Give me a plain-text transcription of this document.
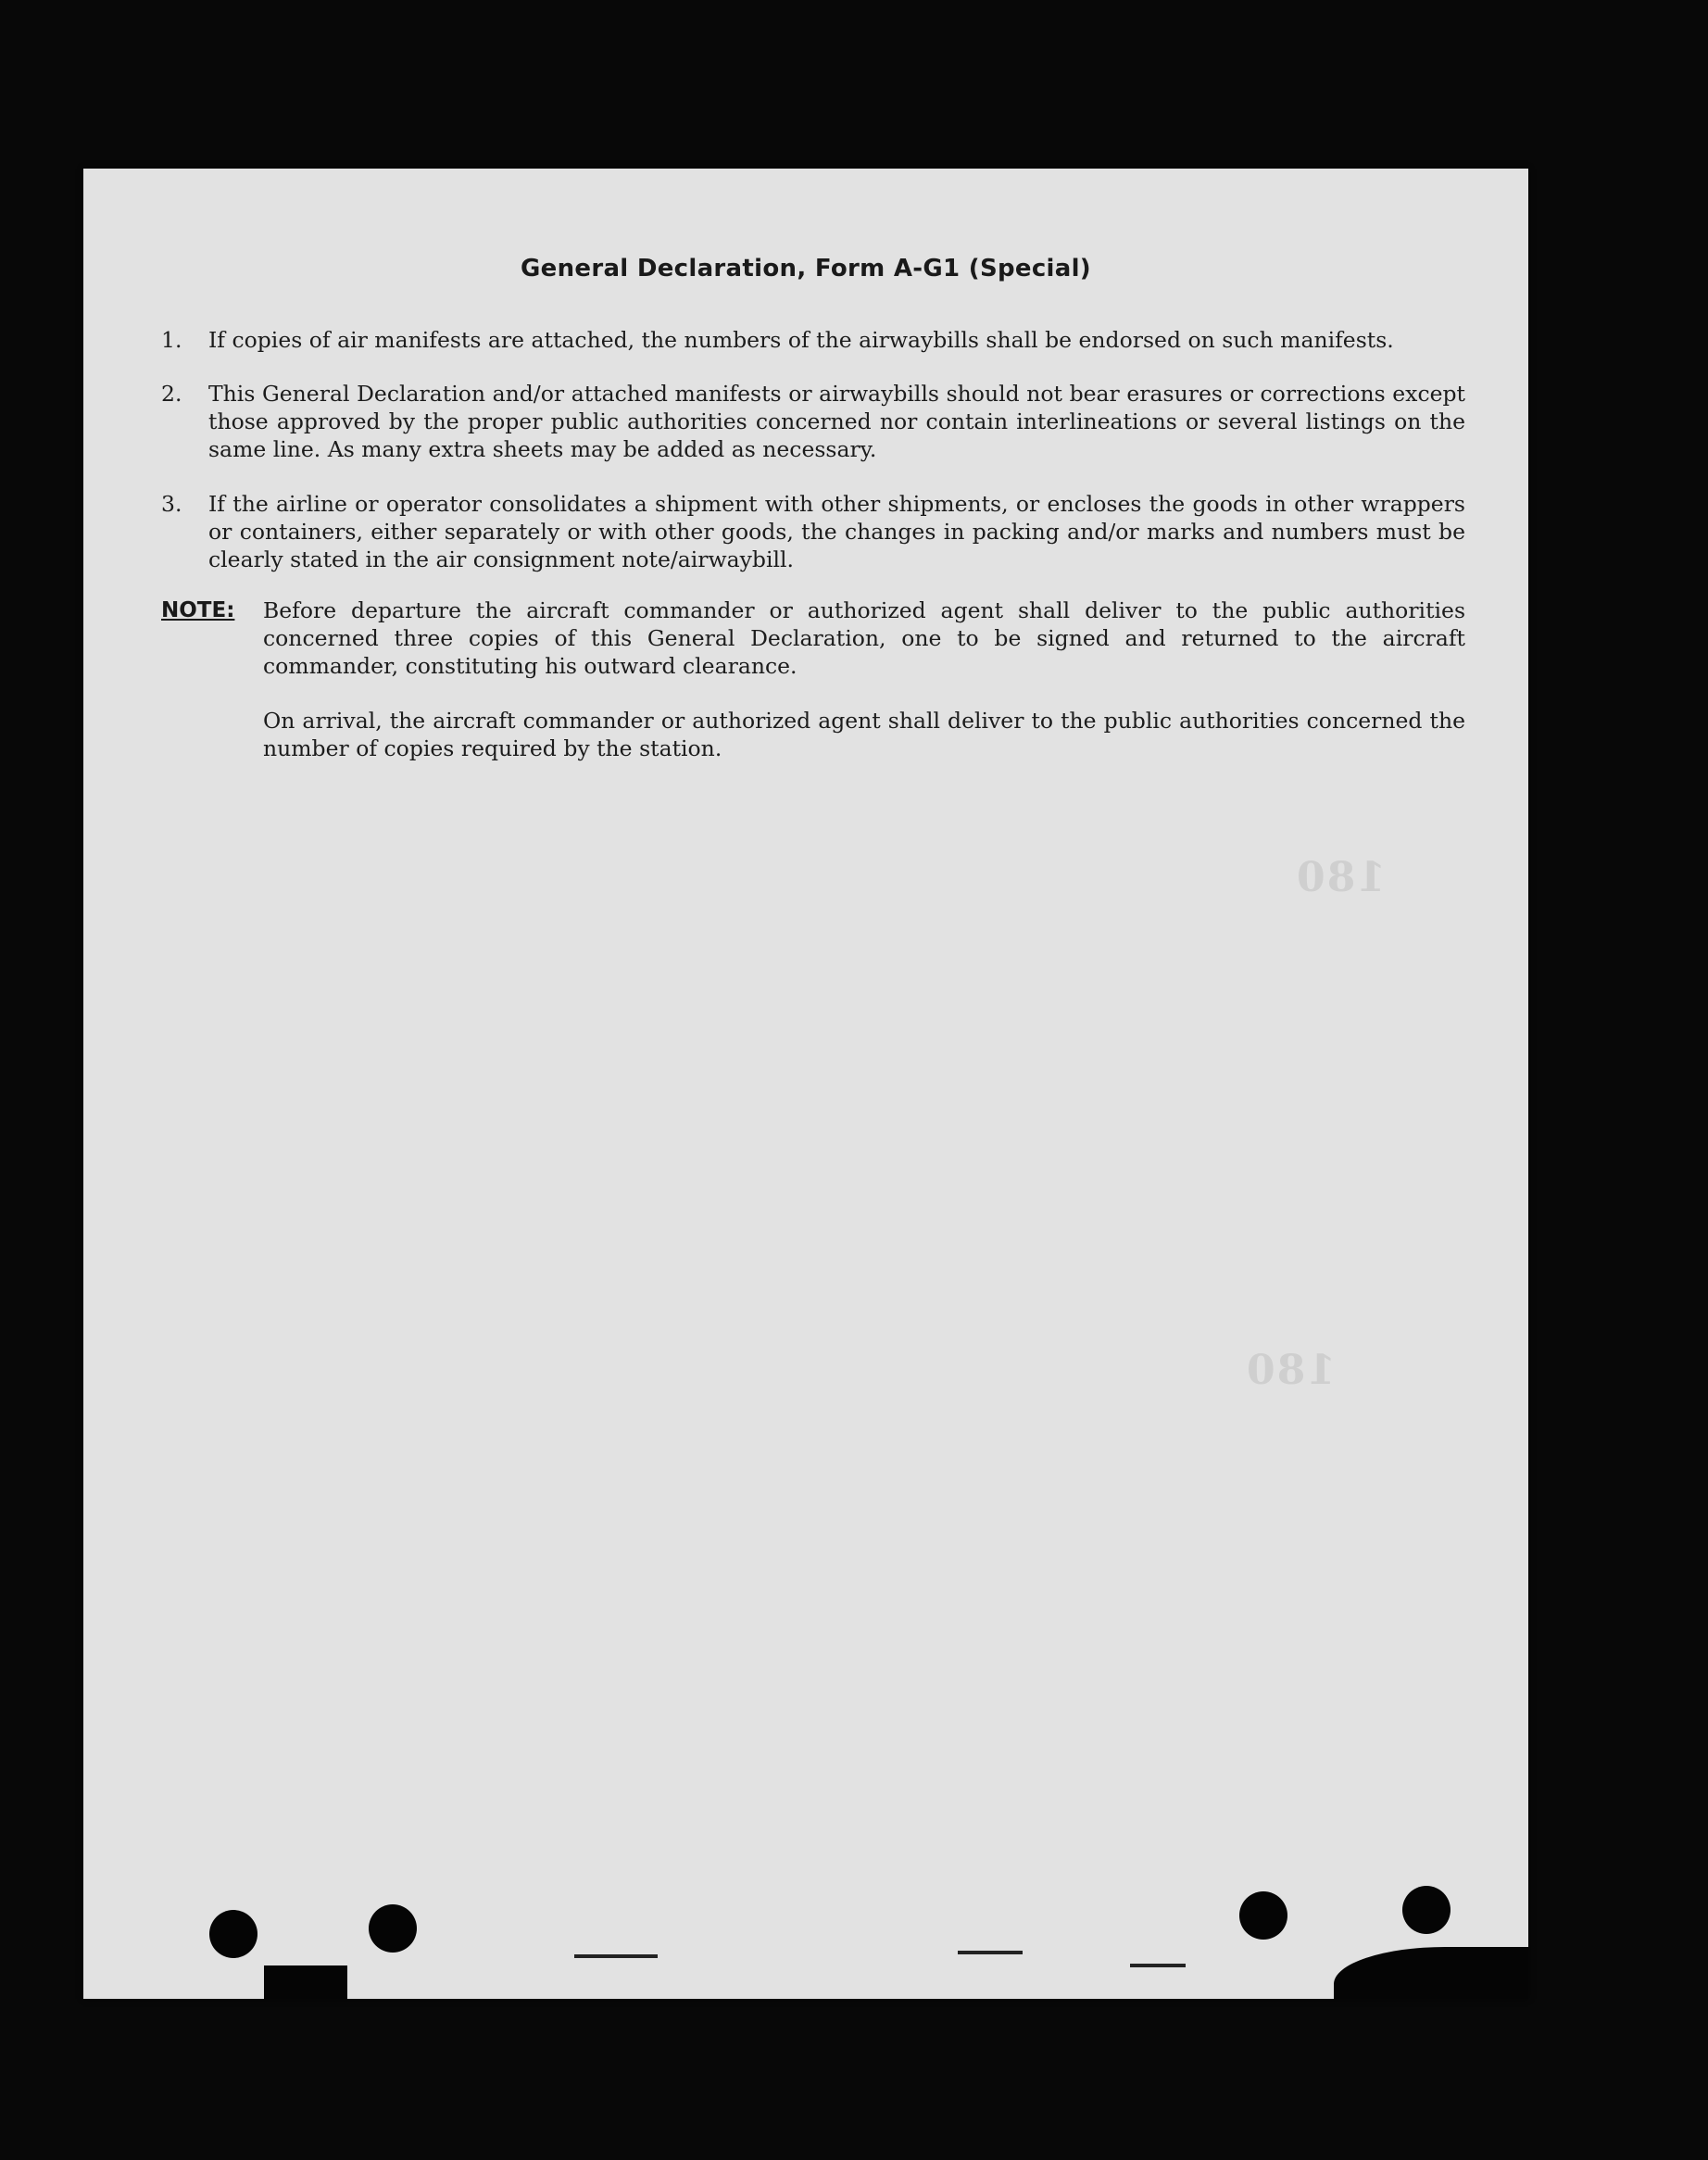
180
180
General Declaration, Form A-G1 (Special)
1.	If copies of air manifests are attached, the numbers of the airwaybills shall be endorsed on such manifests.
2.	This General Declaration and/or attached manifests or airwaybills should not bear erasures or corrections except those approved by the proper public authorities concerned nor contain interlineations or several listings on the same line. As many extra sheets may be added as necessary.
3.	If the airline or operator consolidates a shipment with other shipments, or encloses the goods in other wrappers or containers, either separately or with other goods, the changes in packing and/or marks and numbers must be clearly stated in the air consignment note/airwaybill.
NOTE: Before departure the aircraft commander or authorized agent shall deliver to the public authorities concerned three copies of this General Declaration, one to be signed and returned to the aircraft commander, constituting his outward clearance.
On arrival, the aircraft commander or authorized agent shall deliver to the public authorities concerned the number of copies required by the station.
